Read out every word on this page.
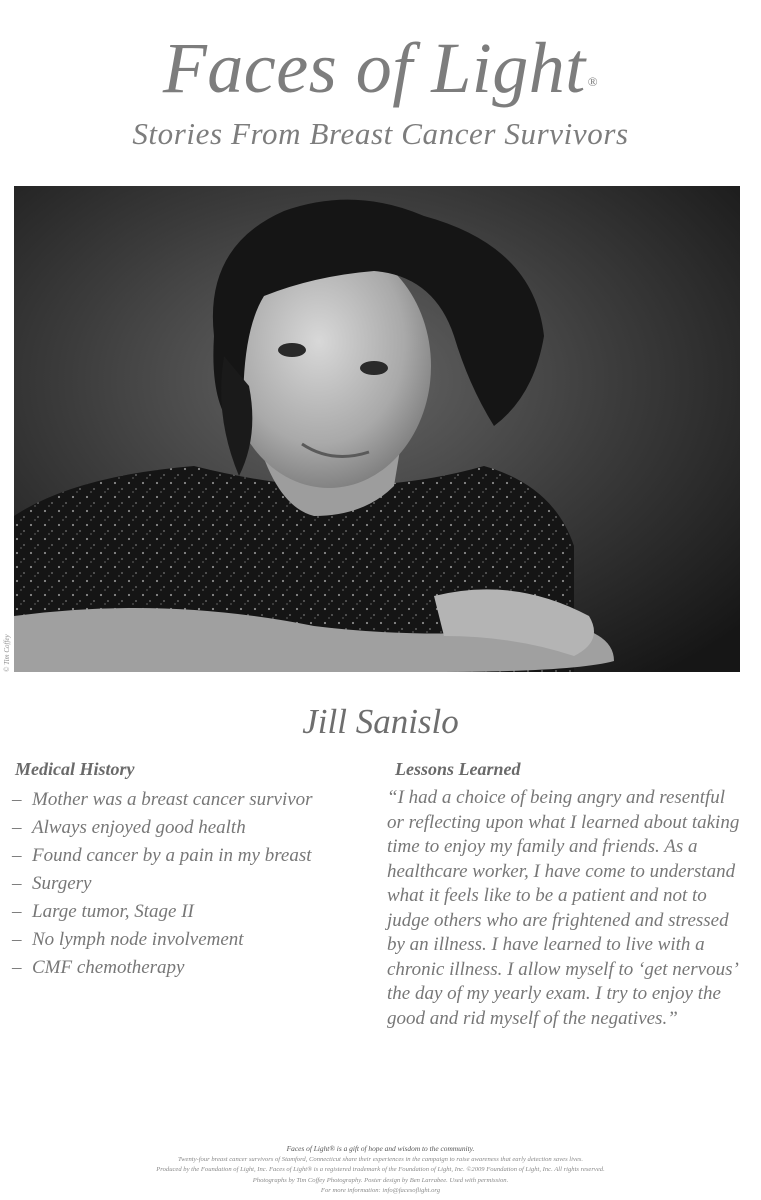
Faces of Light ®
Stories From Breast Cancer Survivors
© Tim Coffey
Jill Sanislo
Medical History
– Mother was a breast cancer survivor
– Always enjoyed good health
– Found cancer by a pain in my breast
– Surgery
– Large tumor, Stage II
– No lymph node involvement
– CMF chemotherapy
Lessons Learned

“I had a choice of being angry and resentful or reflecting upon what I learned about taking time to enjoy my family and friends. As a healthcare worker, I have come to understand what it feels like to be a patient and not to judge others who are frightened and stressed by an illness. I have learned to live with a chronic illness. I allow myself to ‘get nervous’ the day of my yearly exam. I try to enjoy the good and rid myself of the negatives.”

Faces of Light® is a gift of hope and wisdom to the community.
Twenty-four breast cancer survivors of Stamford, Connecticut share their experiences in the campaign to raise awareness that early detection saves lives.
Produced by the Foundation of Light, Inc. Faces of Light® is a registered trademark of the Foundation of Light, Inc. ©2009 Foundation of Light, Inc. All rights reserved.
Photographs by Tim Coffey Photography. Poster design by Ben Larrabee. Used with permission.
For more information: info@facesoflight.org
